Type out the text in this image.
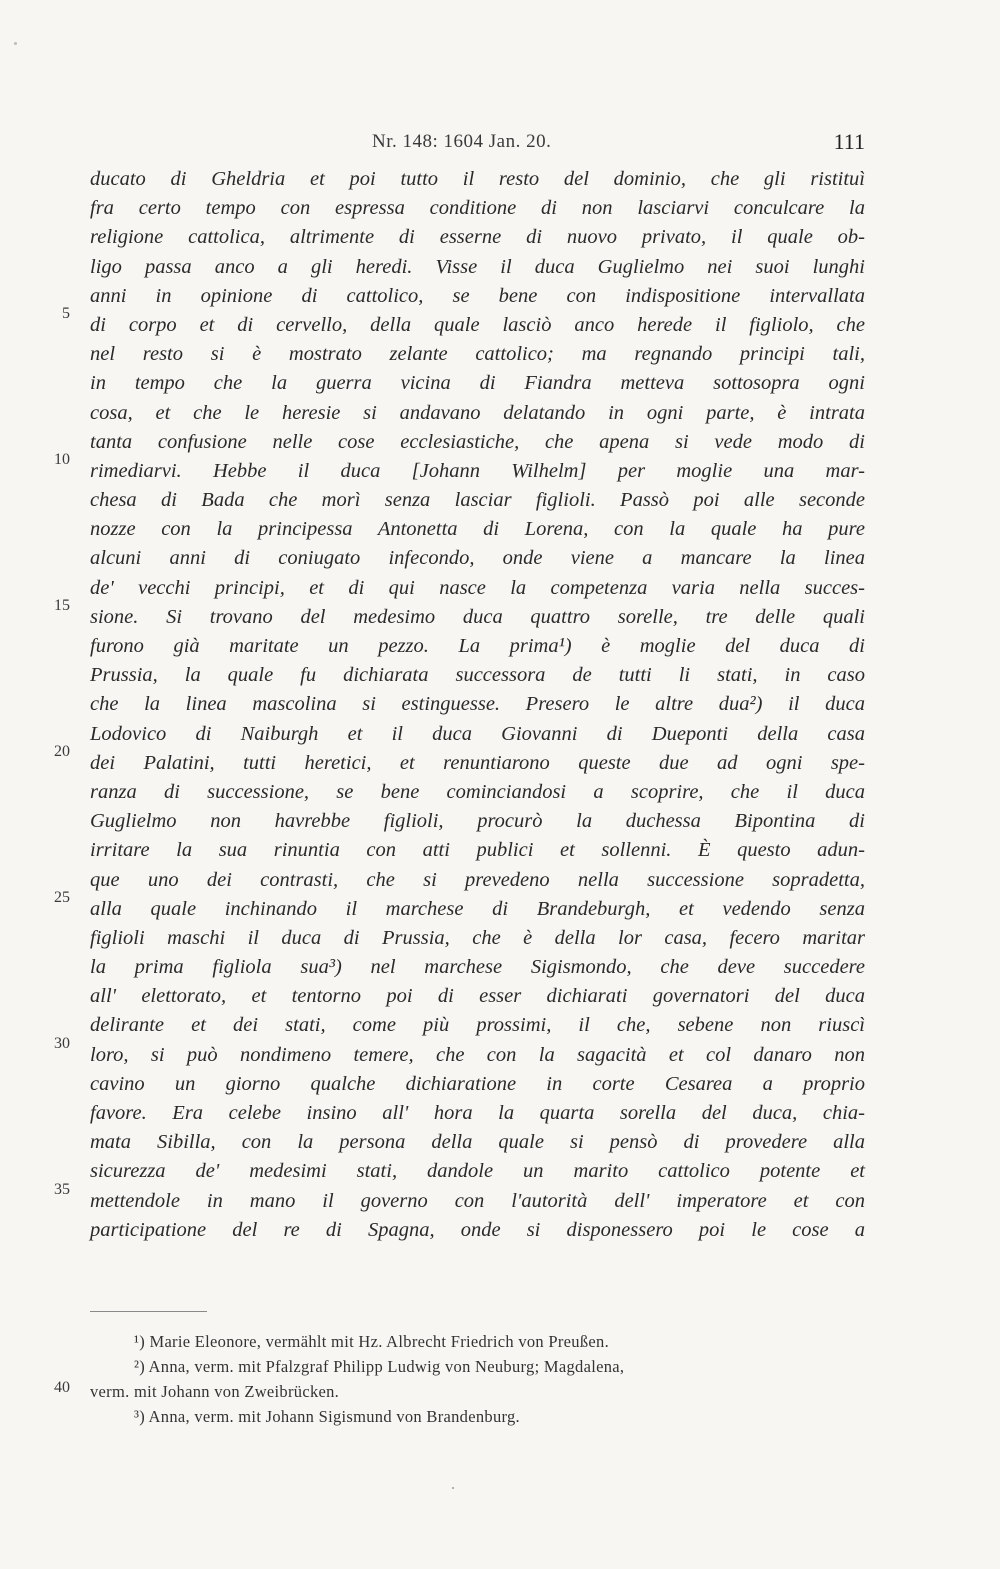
Nr. 148: 1604 Jan. 20.	111
5
10
15
20
25
30
35
ducato di Gheldria et poi tutto il resto del dominio, che gli ristituì
fra certo tempo con espressa conditione di non lasciarvi conculcare la
religione cattolica, altrimente di esserne di nuovo privato, il quale ob-
ligo passa anco a gli heredi. Visse il duca Guglielmo nei suoi lunghi
anni in opinione di cattolico, se bene con indispositione intervallata
di corpo et di cervello, della quale lasciò anco herede il figliolo, che
nel resto si è mostrato zelante cattolico; ma regnando principi tali,
in tempo che la guerra vicina di Fiandra metteva sottosopra ogni
cosa, et che le heresie si andavano delatando in ogni parte, è intrata
tanta confusione nelle cose ecclesiastiche, che apena si vede modo di
rimediarvi. Hebbe il duca [Johann Wilhelm] per moglie una mar-
chesa di Bada che morì senza lasciar figlioli. Passò poi alle seconde
nozze con la principessa Antonetta di Lorena, con la quale ha pure
alcuni anni di coniugato infecondo, onde viene a mancare la linea
de' vecchi principi, et di qui nasce la competenza varia nella succes-
sione. Si trovano del medesimo duca quattro sorelle, tre delle quali
furono già maritate un pezzo. La prima¹) è moglie del duca di
Prussia, la quale fu dichiarata successora de tutti li stati, in caso
che la linea mascolina si estinguesse. Presero le altre dua²) il duca
Lodovico di Naiburgh et il duca Giovanni di Dueponti della casa
dei Palatini, tutti heretici, et renuntiarono queste due ad ogni spe-
ranza di successione, se bene cominciandosi a scoprire, che il duca
Guglielmo non havrebbe figlioli, procurò la duchessa Bipontina di
irritare la sua rinuntia con atti publici et sollenni. È questo adun-
que uno dei contrasti, che si prevedeno nella successione sopradetta,
alla quale inchinando il marchese di Brandeburgh, et vedendo senza
figlioli maschi il duca di Prussia, che è della lor casa, fecero maritar
la prima figliola sua³) nel marchese Sigismondo, che deve succedere
all' elettorato, et tentorno poi di esser dichiarati governatori del duca
delirante et dei stati, come più prossimi, il che, sebene non riuscì
loro, si può nondimeno temere, che con la sagacità et col danaro non
cavino un giorno qualche dichiaratione in corte Cesarea a proprio
favore. Era celebe insino all' hora la quarta sorella del duca, chia-
mata Sibilla, con la persona della quale si pensò di provedere alla
sicurezza de' medesimi stati, dandole un marito cattolico potente et
mettendole in mano il governo con l'autorità dell' imperatore et con
participatione del re di Spagna, onde si disponessero poi le cose a
40
¹) Marie Eleonore, vermählt mit Hz. Albrecht Friedrich von Preußen.
²) Anna, verm. mit Pfalzgraf Philipp Ludwig von Neuburg; Magdalena,
verm. mit Johann von Zweibrücken.
³) Anna, verm. mit Johann Sigismund von Brandenburg.
